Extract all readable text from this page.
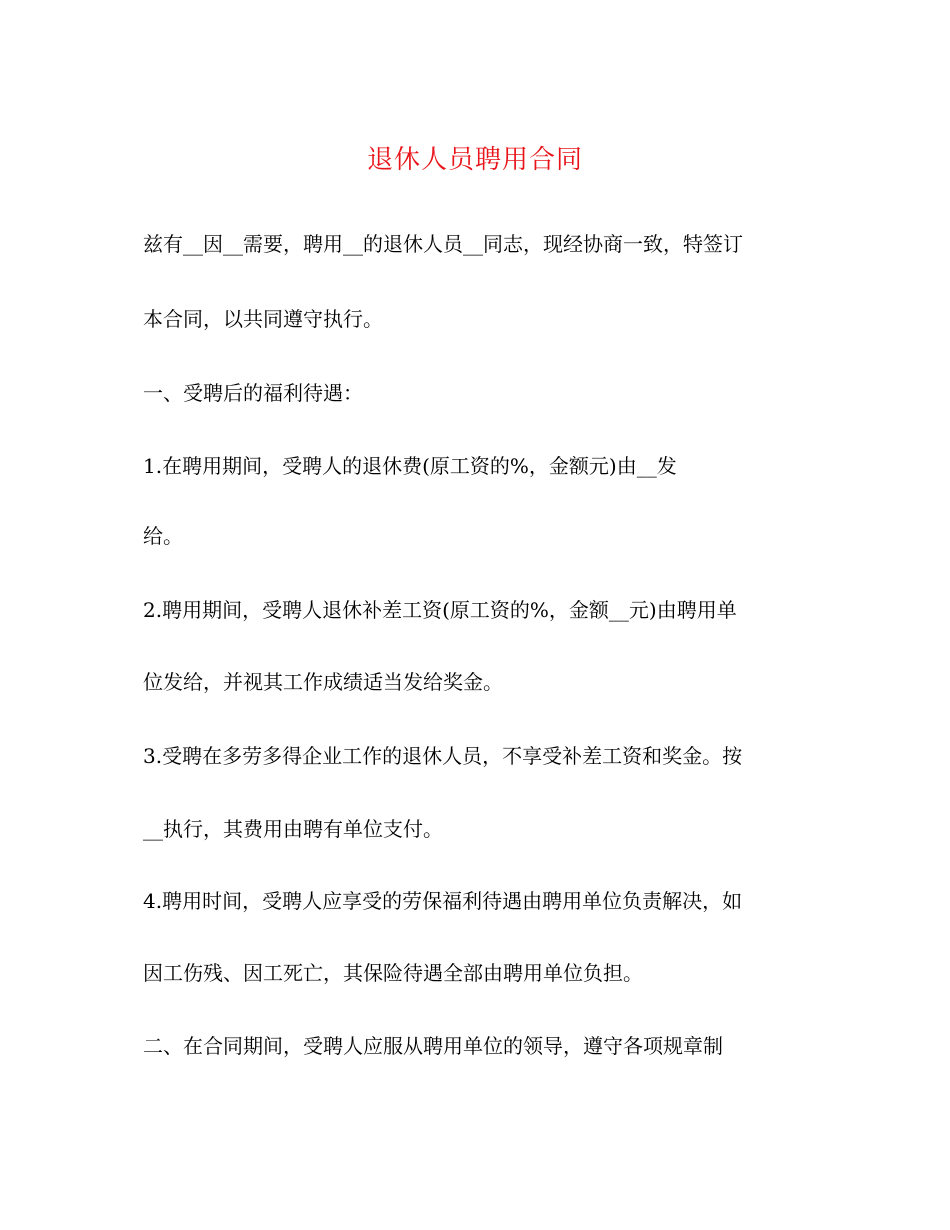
退休人员聘用合同
兹有__因__需要，聘用__的退休人员__同志，现经协商一致，特签订
本合同，以共同遵守执行。
一、受聘后的福利待遇：
1.在聘用期间，受聘人的退休费(原工资的%，金额元)由__发
给。
2.聘用期间，受聘人退休补差工资(原工资的%，金额__元)由聘用单
位发给，并视其工作成绩适当发给奖金。
3.受聘在多劳多得企业工作的退休人员，不享受补差工资和奖金。按
__执行，其费用由聘有单位支付。
4.聘用时间，受聘人应享受的劳保福利待遇由聘用单位负责解决，如
因工伤残、因工死亡，其保险待遇全部由聘用单位负担。
二、在合同期间，受聘人应服从聘用单位的领导，遵守各项规章制
